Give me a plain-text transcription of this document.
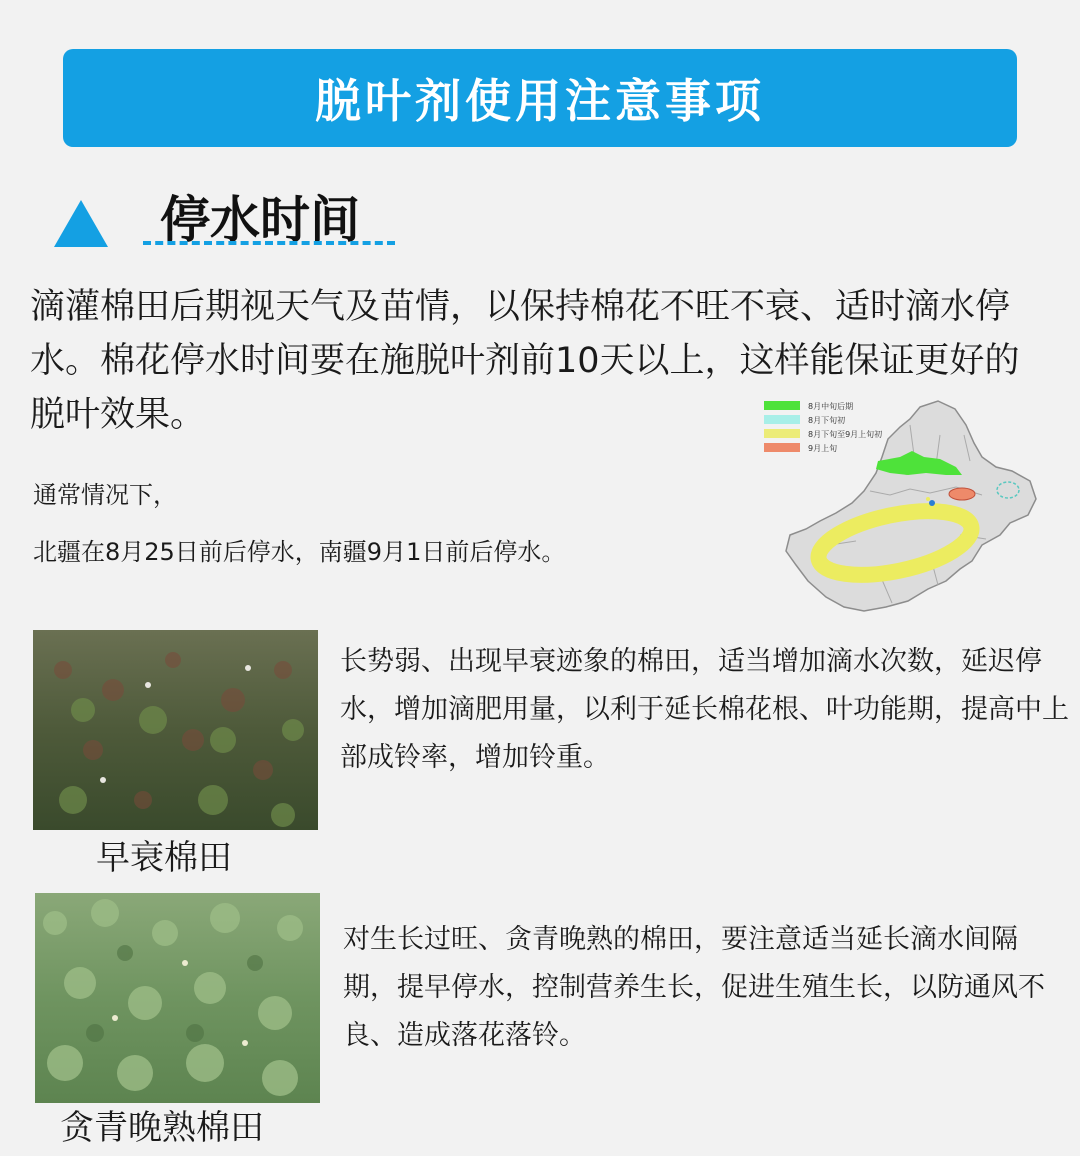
脱叶剂使用注意事项
停水时间

滴灌棉田后期视天气及苗情，以保持棉花不旺不衰、适时滴水停水。棉花停水时间要在施脱叶剂前10天以上，这样能保证更好的脱叶效果。

通常情况下，

北疆在8月25日前后停水，南疆9月1日前后停水。

8月中旬后期
8月下旬初
8月下旬至9月上旬初
9月上旬

早衰棉田

长势弱、出现早衰迹象的棉田，适当增加滴水次数，延迟停水，增加滴肥用量，以利于延长棉花根、叶功能期，提高中上部成铃率，增加铃重。

贪青晚熟棉田

对生长过旺、贪青晚熟的棉田，要注意适当延长滴水间隔期，提早停水，控制营养生长，促进生殖生长，以防通风不良、造成落花落铃。
